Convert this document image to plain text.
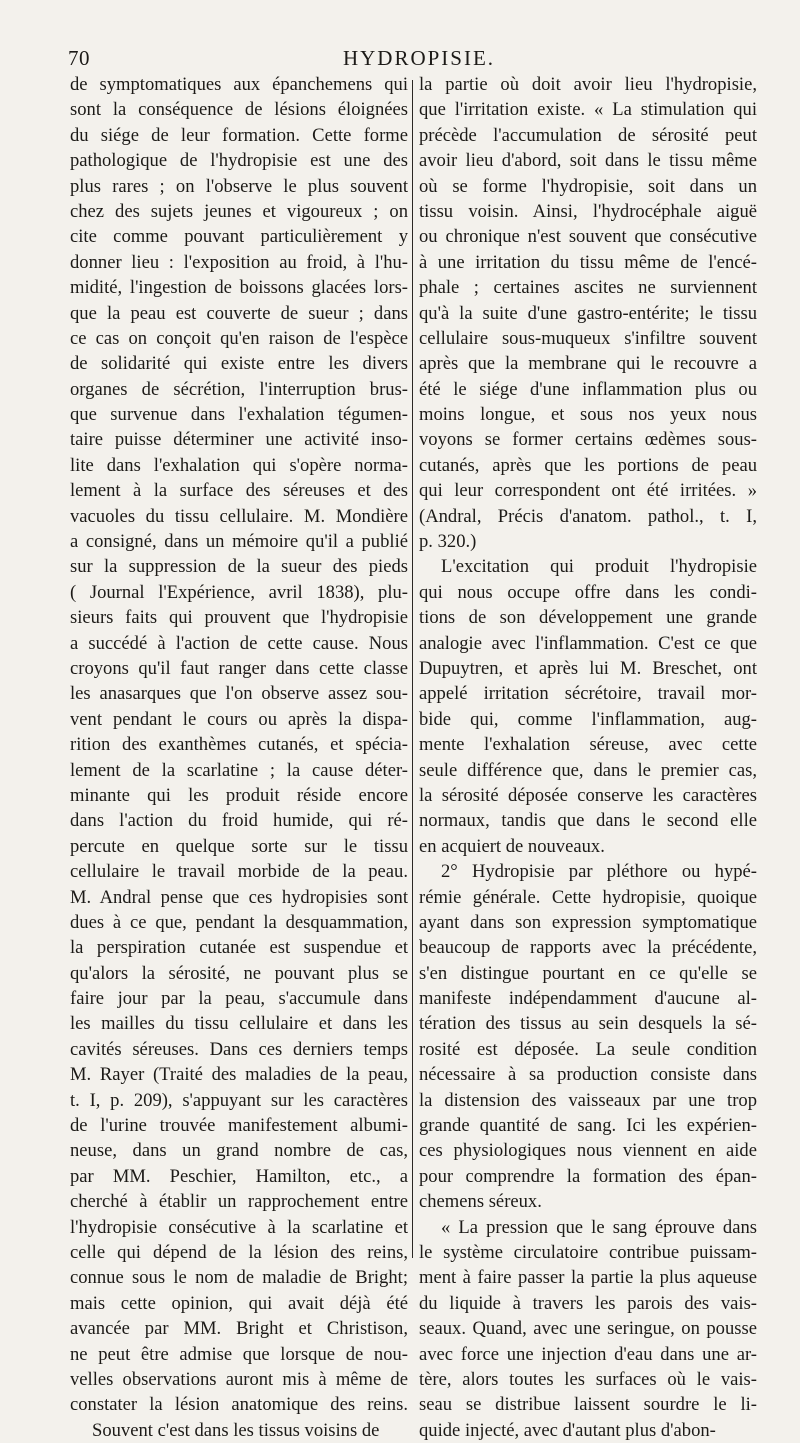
70	HYDROPISIE.
de symptomatiques aux épanchemens qui
sont la conséquence de lésions éloignées
du siége de leur formation. Cette forme
pathologique de l'hydropisie est une des
plus rares ; on l'observe le plus souvent
chez des sujets jeunes et vigoureux ; on
cite comme pouvant particulièrement y
donner lieu : l'exposition au froid, à l'hu-
midité, l'ingestion de boissons glacées lors-
que la peau est couverte de sueur ; dans
ce cas on conçoit qu'en raison de l'espèce
de solidarité qui existe entre les divers
organes de sécrétion, l'interruption brus-
que survenue dans l'exhalation tégumen-
taire puisse déterminer une activité inso-
lite dans l'exhalation qui s'opère norma-
lement à la surface des séreuses et des
vacuoles du tissu cellulaire. M. Mondière
a consigné, dans un mémoire qu'il a publié
sur la suppression de la sueur des pieds
( Journal l'Expérience, avril 1838), plu-
sieurs faits qui prouvent que l'hydropisie
a succédé à l'action de cette cause. Nous
croyons qu'il faut ranger dans cette classe
les anasarques que l'on observe assez sou-
vent pendant le cours ou après la dispa-
rition des exanthèmes cutanés, et spécia-
lement de la scarlatine ; la cause déter-
minante qui les produit réside encore
dans l'action du froid humide, qui ré-
percute en quelque sorte sur le tissu
cellulaire le travail morbide de la peau.
M. Andral pense que ces hydropisies sont
dues à ce que, pendant la desquammation,
la perspiration cutanée est suspendue et
qu'alors la sérosité, ne pouvant plus se
faire jour par la peau, s'accumule dans
les mailles du tissu cellulaire et dans les
cavités séreuses. Dans ces derniers temps
M. Rayer (Traité des maladies de la peau,
t. I, p. 209), s'appuyant sur les caractères
de l'urine trouvée manifestement albumi-
neuse, dans un grand nombre de cas,
par MM. Peschier, Hamilton, etc., a
cherché à établir un rapprochement entre
l'hydropisie consécutive à la scarlatine et
celle qui dépend de la lésion des reins,
connue sous le nom de maladie de Bright;
mais cette opinion, qui avait déjà été
avancée par MM. Bright et Christison,
ne peut être admise que lorsque de nou-
velles observations auront mis à même de
constater la lésion anatomique des reins.
Souvent c'est dans les tissus voisins de
la partie où doit avoir lieu l'hydropisie,
que l'irritation existe. « La stimulation qui
précède l'accumulation de sérosité peut
avoir lieu d'abord, soit dans le tissu même
où se forme l'hydropisie, soit dans un
tissu voisin. Ainsi, l'hydrocéphale aiguë
ou chronique n'est souvent que consécutive
à une irritation du tissu même de l'encé-
phale ; certaines ascites ne surviennent
qu'à la suite d'une gastro-entérite; le tissu
cellulaire sous-muqueux s'infiltre souvent
après que la membrane qui le recouvre a
été le siége d'une inflammation plus ou
moins longue, et sous nos yeux nous
voyons se former certains œdèmes sous-
cutanés, après que les portions de peau
qui leur correspondent ont été irritées. »
(Andral, Précis d'anatom. pathol., t. I,
p. 320.)
L'excitation qui produit l'hydropisie
qui nous occupe offre dans les condi-
tions de son développement une grande
analogie avec l'inflammation. C'est ce que
Dupuytren, et après lui M. Breschet, ont
appelé irritation sécrétoire, travail mor-
bide qui, comme l'inflammation, aug-
mente l'exhalation séreuse, avec cette
seule différence que, dans le premier cas,
la sérosité déposée conserve les caractères
normaux, tandis que dans le second elle
en acquiert de nouveaux.
2° Hydropisie par pléthore ou hypé-
rémie générale. Cette hydropisie, quoique
ayant dans son expression symptomatique
beaucoup de rapports avec la précédente,
s'en distingue pourtant en ce qu'elle se
manifeste indépendamment d'aucune al-
tération des tissus au sein desquels la sé-
rosité est déposée. La seule condition
nécessaire à sa production consiste dans
la distension des vaisseaux par une trop
grande quantité de sang. Ici les expérien-
ces physiologiques nous viennent en aide
pour comprendre la formation des épan-
chemens séreux.
« La pression que le sang éprouve dans
le système circulatoire contribue puissam-
ment à faire passer la partie la plus aqueuse
du liquide à travers les parois des vais-
seaux. Quand, avec une seringue, on pousse
avec force une injection d'eau dans une ar-
tère, alors toutes les surfaces où le vais-
seau se distribue laissent sourdre le li-
quide injecté, avec d'autant plus d'abon-
